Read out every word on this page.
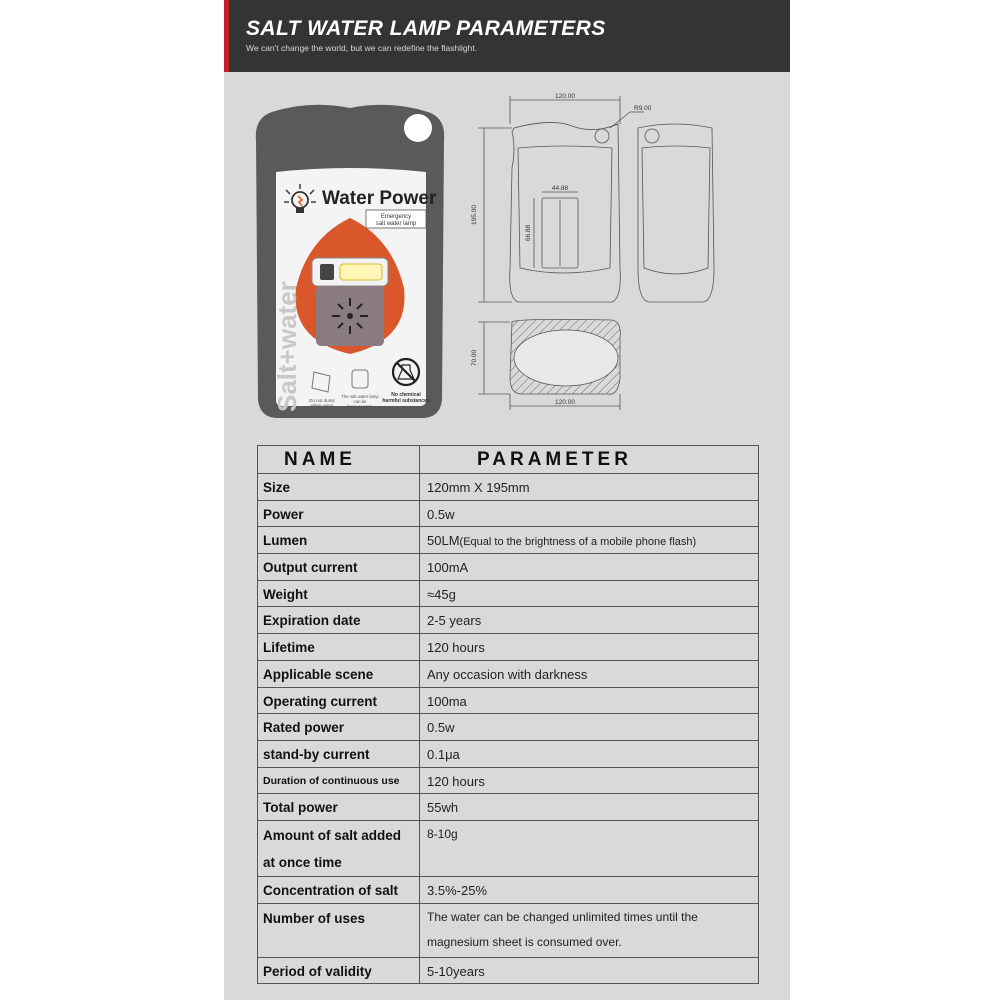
SALT WATER LAMP PARAMETERS
We can't change the world, but we can redefine the flashlight.
Water Power
Emergency
salt water lamp
Salt+water Do not dump
when using
The salt water lamp
can be
hung or worn
No chemical
harmful substances
120.00
R9.00
195.00
44.88
66.88
70.00
120.00
NAME	PARAMETER
Size	120mm X 195mm
Power	0.5w
Lumen	50LM(Equal to the brightness of a mobile phone flash)
Output current	100mA
Weight	≈45g
Expiration date	2-5 years
Lifetime	120 hours
Applicable scene	Any occasion with darkness
Operating current	100ma
Rated power	0.5w
stand-by current	0.1μa
Duration of continuous use	120 hours
Total power	55wh
Amount of salt added
at once time	8-10g
Concentration of salt	3.5%-25%
Number of uses	The water can be changed unlimited times until the
magnesium sheet is consumed over.
Period of validity	5-10years
